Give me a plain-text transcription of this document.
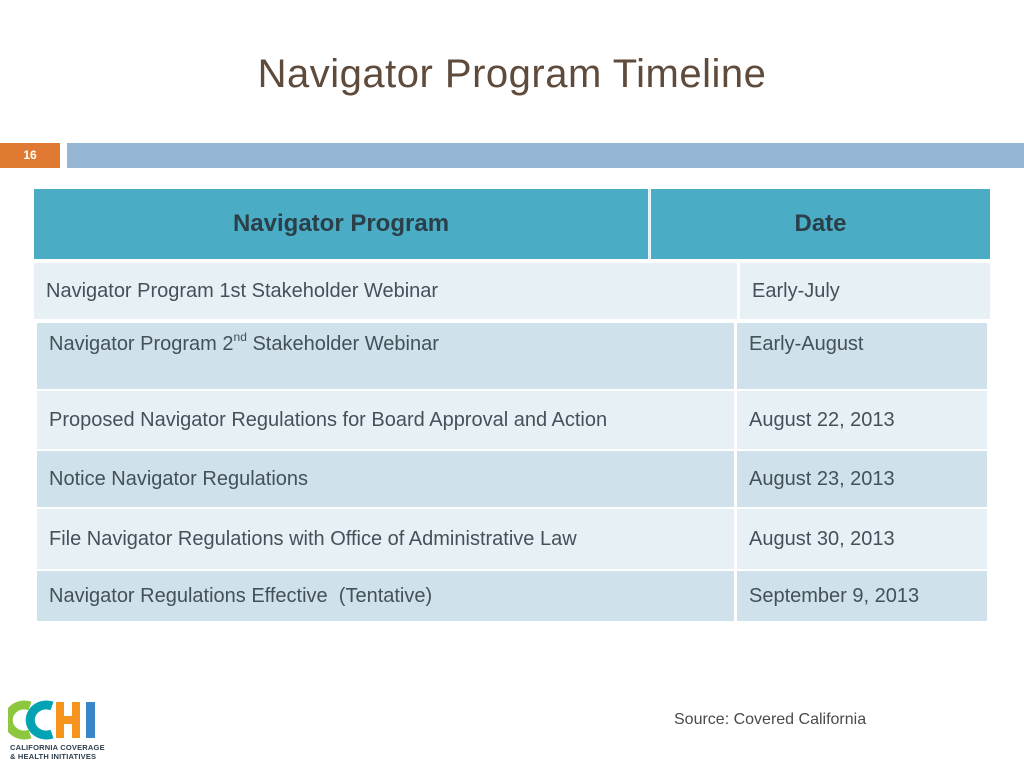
Navigator Program Timeline
16
Navigator Program	Date
Navigator Program 1st Stakeholder Webinar	Early-July
Navigator Program 2nd Stakeholder Webinar	Early-August
Proposed Navigator Regulations for Board Approval and Action	August 22, 2013
Notice Navigator Regulations	August 23, 2013
File Navigator Regulations with Office of Administrative Law	August 30, 2013
Navigator Regulations Effective  (Tentative)	September 9, 2013
Source: Covered California
CALIFORNIA COVERAGE
& HEALTH INITIATIVES
